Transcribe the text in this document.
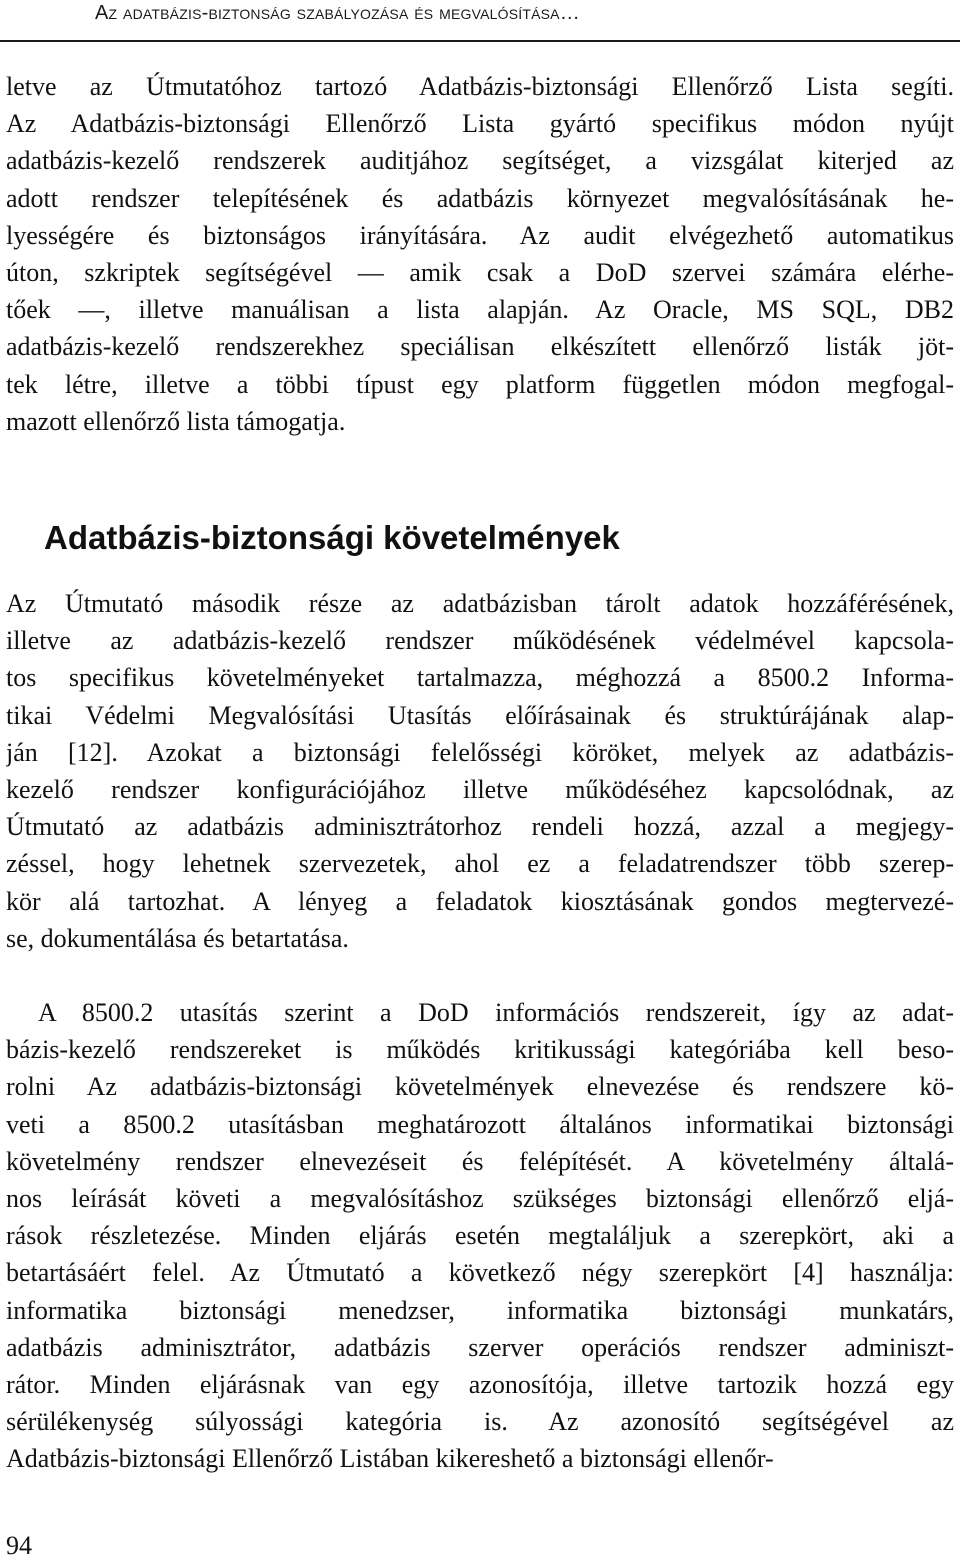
Az adatbázis-biztonság szabályozása és megvalósítása…
letve az Útmutatóhoz tartozó Adatbázis-biztonsági Ellenőrző Lista segíti.
Az Adatbázis-biztonsági Ellenőrző Lista gyártó specifikus módon nyújt
adatbázis-kezelő rendszerek auditjához segítséget, a vizsgálat kiterjed az
adott rendszer telepítésének és adatbázis környezet megvalósításának he-
lyességére és biztonságos irányítására. Az audit elvégezhető automatikus
úton, szkriptek segítségével — amik csak a DoD szervei számára elérhe-
tőek —, illetve manuálisan a lista alapján. Az Oracle, MS SQL, DB2
adatbázis-kezelő rendszerekhez speciálisan elkészített ellenőrző listák jöt-
tek létre, illetve a többi típust egy platform független módon megfogal-
mazott ellenőrző lista támogatja.
Adatbázis-biztonsági követelmények
Az Útmutató második része az adatbázisban tárolt adatok hozzáférésének,
illetve az adatbázis-kezelő rendszer működésének védelmével kapcsola-
tos specifikus követelményeket tartalmazza, méghozzá a 8500.2 Informa-
tikai Védelmi Megvalósítási Utasítás előírásainak és struktúrájának alap-
ján [12]. Azokat a biztonsági felelősségi köröket, melyek az adatbázis-
kezelő rendszer konfigurációjához illetve működéséhez kapcsolódnak, az
Útmutató az adatbázis adminisztrátorhoz rendeli hozzá, azzal a megjegy-
zéssel, hogy lehetnek szervezetek, ahol ez a feladatrendszer több szerep-
kör alá tartozhat. A lényeg a feladatok kiosztásának gondos megtervezé-
se, dokumentálása és betartatása.
A 8500.2 utasítás szerint a DoD információs rendszereit, így az adat-
bázis-kezelő rendszereket is működés kritikussági kategóriába kell beso-
rolni Az adatbázis-biztonsági követelmények elnevezése és rendszere kö-
veti a 8500.2 utasításban meghatározott általános informatikai biztonsági
követelmény rendszer elnevezéseit és felépítését. A követelmény általá-
nos leírását követi a megvalósításhoz szükséges biztonsági ellenőrző eljá-
rások részletezése. Minden eljárás esetén megtaláljuk a szerepkört, aki a
betartásáért felel. Az Útmutató a következő négy szerepkört [4] használja:
informatika biztonsági menedzser, informatika biztonsági munkatárs,
adatbázis adminisztrátor, adatbázis szerver operációs rendszer adminiszt-
rátor. Minden eljárásnak van egy azonosítója, illetve tartozik hozzá egy
sérülékenység súlyossági kategória is. Az azonosító segítségével az
Adatbázis-biztonsági Ellenőrző Listában kikereshető a biztonsági ellenőr-
94
